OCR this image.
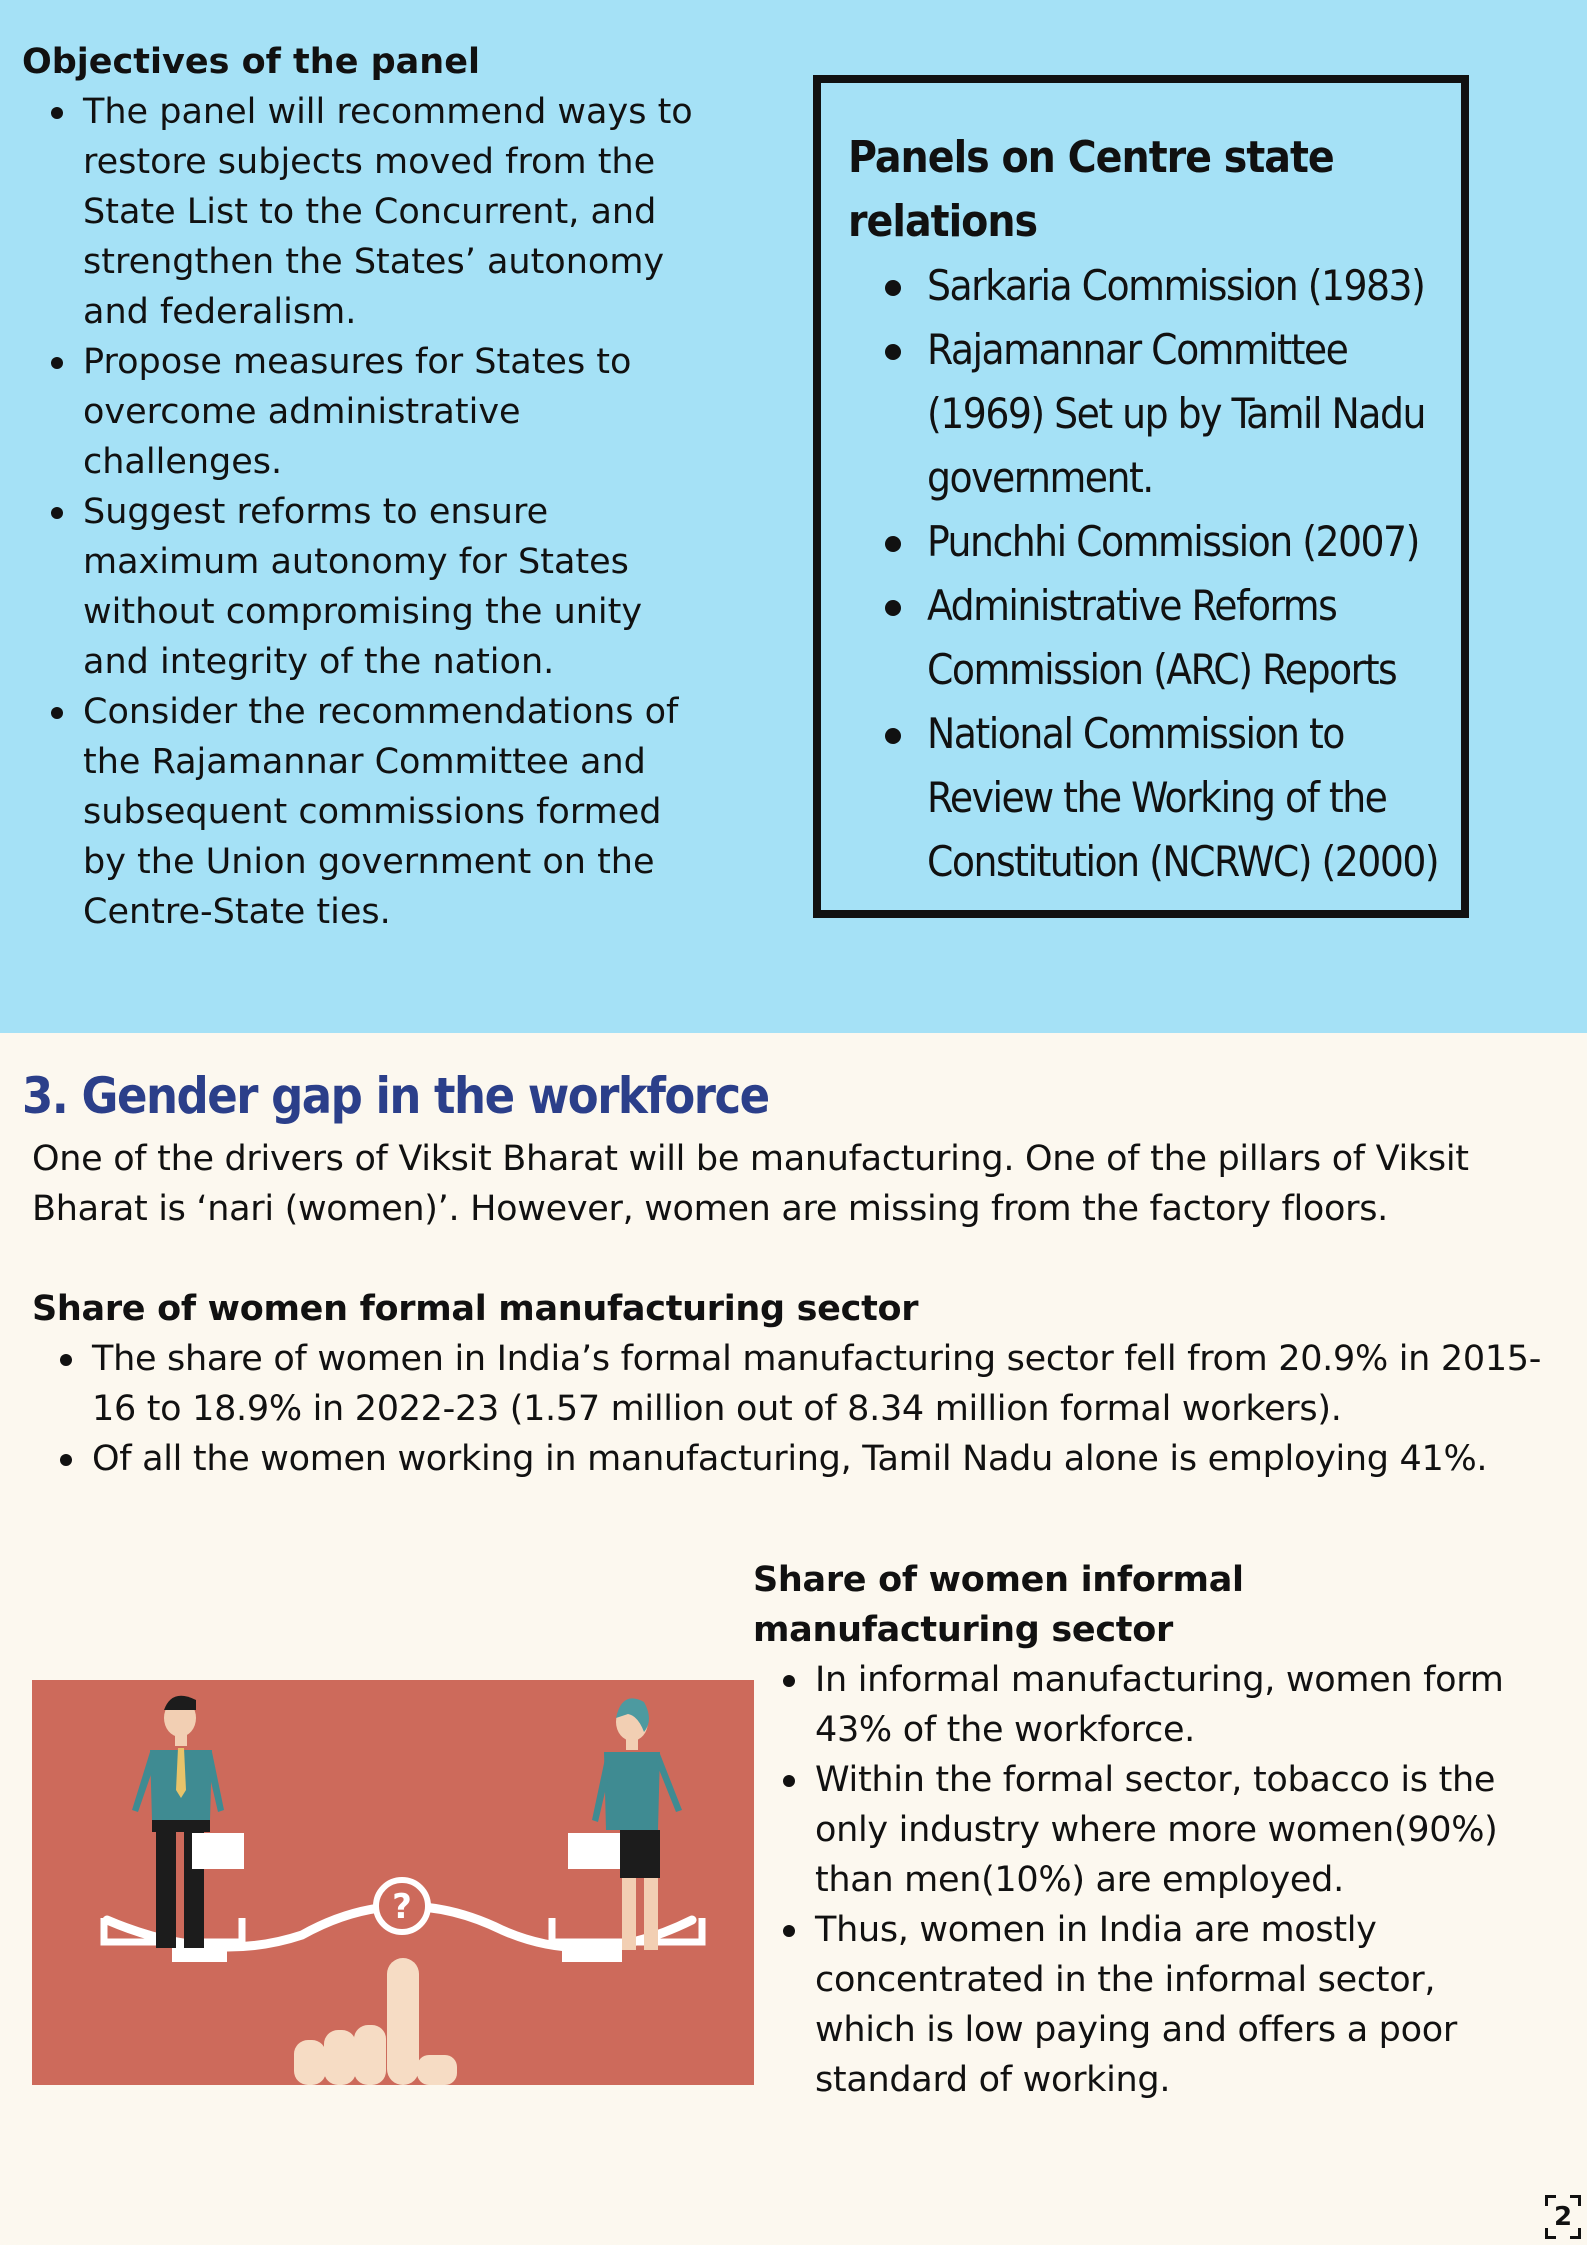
Objectives of the panel
The panel will recommend ways to restore subjects moved from the State List to the Concurrent, and strengthen the States’ autonomy and federalism.
Propose measures for States to overcome administrative challenges.
Suggest reforms to ensure maximum autonomy for States without compromising the unity and integrity of the nation.
Consider the recommendations of the Rajamannar Committee and subsequent commissions formed by the Union government on the Centre-State ties.
Panels on Centre state relations
Sarkaria Commission (1983)
Rajamannar Committee (1969) Set up by Tamil Nadu government.
Punchhi Commission (2007)
Administrative Reforms Commission (ARC) Reports
National Commission to Review the Working of the Constitution (NCRWC) (2000)
3. Gender gap in the workforce
One of the drivers of Viksit Bharat will be manufacturing. One of the pillars of Viksit Bharat is ‘nari (women)’. However, women are missing from the factory floors.
Share of women formal manufacturing sector
The share of women in India’s formal manufacturing sector fell from 20.9% in 2015- 16 to 18.9% in 2022-23 (1.57 million out of 8.34 million formal workers).
Of all the women working in manufacturing, Tamil Nadu alone is employing 41%.
?
Share of women informal manufacturing sector
In informal manufacturing, women form 43% of the workforce.
Within the formal sector, tobacco is the only industry where more women(90%) than men(10%) are employed.
Thus, women in India are mostly concentrated in the informal sector, which is low paying and offers a poor standard of working.
2
